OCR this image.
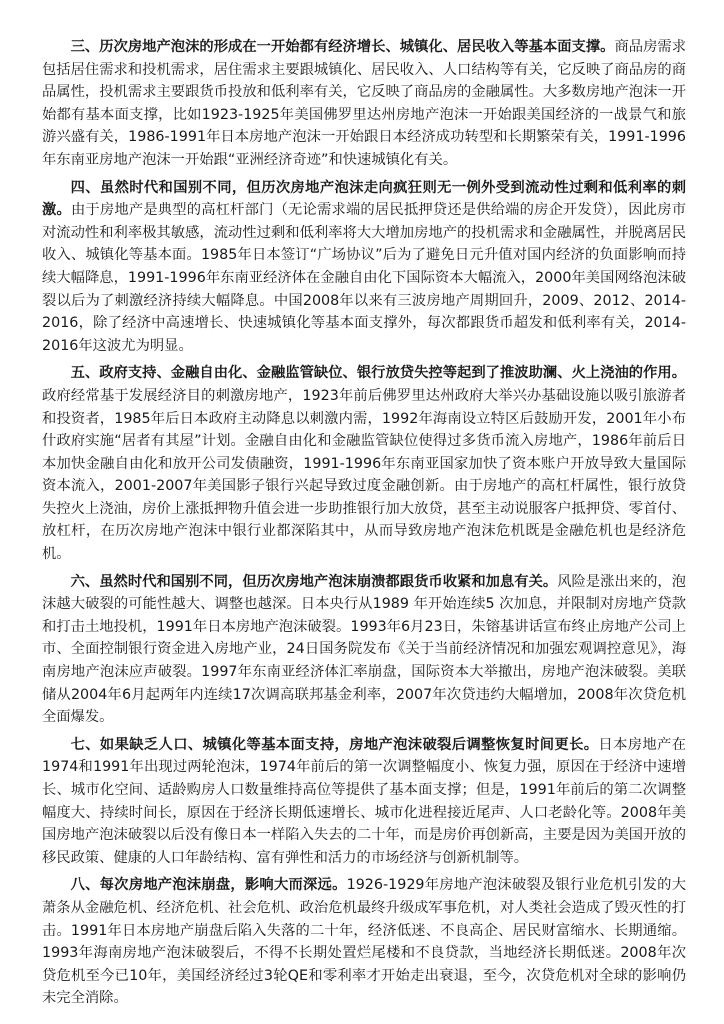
三、历次房地产泡沫的形成在一开始都有经济增长、城镇化、居民收入等基本面支撑。商品房需求包括居住需求和投机需求，居住需求主要跟城镇化、居民收入、人口结构等有关，它反映了商品房的商品属性，投机需求主要跟货币投放和低利率有关，它反映了商品房的金融属性。大多数房地产泡沫一开始都有基本面支撑，比如1923-1925年美国佛罗里达州房地产泡沫一开始跟美国经济的一战景气和旅游兴盛有关，1986-1991年日本房地产泡沫一开始跟日本经济成功转型和长期繁荣有关，1991-1996年东南亚房地产泡沫一开始跟“亚洲经济奇迹”和快速城镇化有关。

四、虽然时代和国别不同，但历次房地产泡沫走向疯狂则无一例外受到流动性过剩和低利率的刺激。由于房地产是典型的高杠杆部门（无论需求端的居民抵押贷还是供给端的房企开发贷），因此房市对流动性和利率极其敏感，流动性过剩和低利率将大大增加房地产的投机需求和金融属性，并脱离居民收入、城镇化等基本面。1985年日本签订“广场协议”后为了避免日元升值对国内经济的负面影响而持续大幅降息，1991-1996年东南亚经济体在金融自由化下国际资本大幅流入，2000年美国网络泡沫破裂以后为了刺激经济持续大幅降息。中国2008年以来有三波房地产周期回升，2009、2012、2014-2016，除了经济中高速增长、快速城镇化等基本面支撑外，每次都跟货币超发和低利率有关，2014-2016年这波尤为明显。

五、政府支持、金融自由化、金融监管缺位、银行放贷失控等起到了推波助澜、火上浇油的作用。政府经常基于发展经济目的刺激房地产，1923年前后佛罗里达州政府大举兴办基础设施以吸引旅游者和投资者，1985年后日本政府主动降息以刺激内需，1992年海南设立特区后鼓励开发，2001年小布什政府实施“居者有其屋”计划。金融自由化和金融监管缺位使得过多货币流入房地产，1986年前后日本加快金融自由化和放开公司发债融资，1991-1996年东南亚国家加快了资本账户开放导致大量国际资本流入，2001-2007年美国影子银行兴起导致过度金融创新。由于房地产的高杠杆属性，银行放贷失控火上浇油，房价上涨抵押物升值会进一步助推银行加大放贷，甚至主动说服客户抵押贷、零首付、放杠杆，在历次房地产泡沫中银行业都深陷其中，从而导致房地产泡沫危机既是金融危机也是经济危机。

六、虽然时代和国别不同，但历次房地产泡沫崩溃都跟货币收紧和加息有关。风险是涨出来的，泡沫越大破裂的可能性越大、调整也越深。日本央行从1989 年开始连续5 次加息，并限制对房地产贷款和打击土地投机，1991年日本房地产泡沫破裂。1993年6月23日，朱镕基讲话宣布终止房地产公司上市、全面控制银行资金进入房地产业，24日国务院发布《关于当前经济情况和加强宏观调控意见》，海南房地产泡沫应声破裂。1997年东南亚经济体汇率崩盘，国际资本大举撤出，房地产泡沫破裂。美联储从2004年6月起两年内连续17次调高联邦基金利率，2007年次贷违约大幅增加，2008年次贷危机全面爆发。

七、如果缺乏人口、城镇化等基本面支持，房地产泡沫破裂后调整恢复时间更长。日本房地产在1974和1991年出现过两轮泡沫，1974年前后的第一次调整幅度小、恢复力强，原因在于经济中速增长、城市化空间、适龄购房人口数量维持高位等提供了基本面支撑；但是，1991年前后的第二次调整幅度大、持续时间长，原因在于经济长期低速增长、城市化进程接近尾声、人口老龄化等。2008年美国房地产泡沫破裂以后没有像日本一样陷入失去的二十年，而是房价再创新高，主要是因为美国开放的移民政策、健康的人口年龄结构、富有弹性和活力的市场经济与创新机制等。

八、每次房地产泡沫崩盘，影响大而深远。1926-1929年房地产泡沫破裂及银行业危机引发的大萧条从金融危机、经济危机、社会危机、政治危机最终升级成军事危机，对人类社会造成了毁灭性的打击。1991年日本房地产崩盘后陷入失落的二十年，经济低迷、不良高企、居民财富缩水、长期通缩。1993年海南房地产泡沫破裂后，不得不长期处置烂尾楼和不良贷款，当地经济长期低迷。2008年次贷危机至今已10年，美国经济经过3轮QE和零利率才开始走出衰退，至今，次贷危机对全球的影响仍未完全消除。
